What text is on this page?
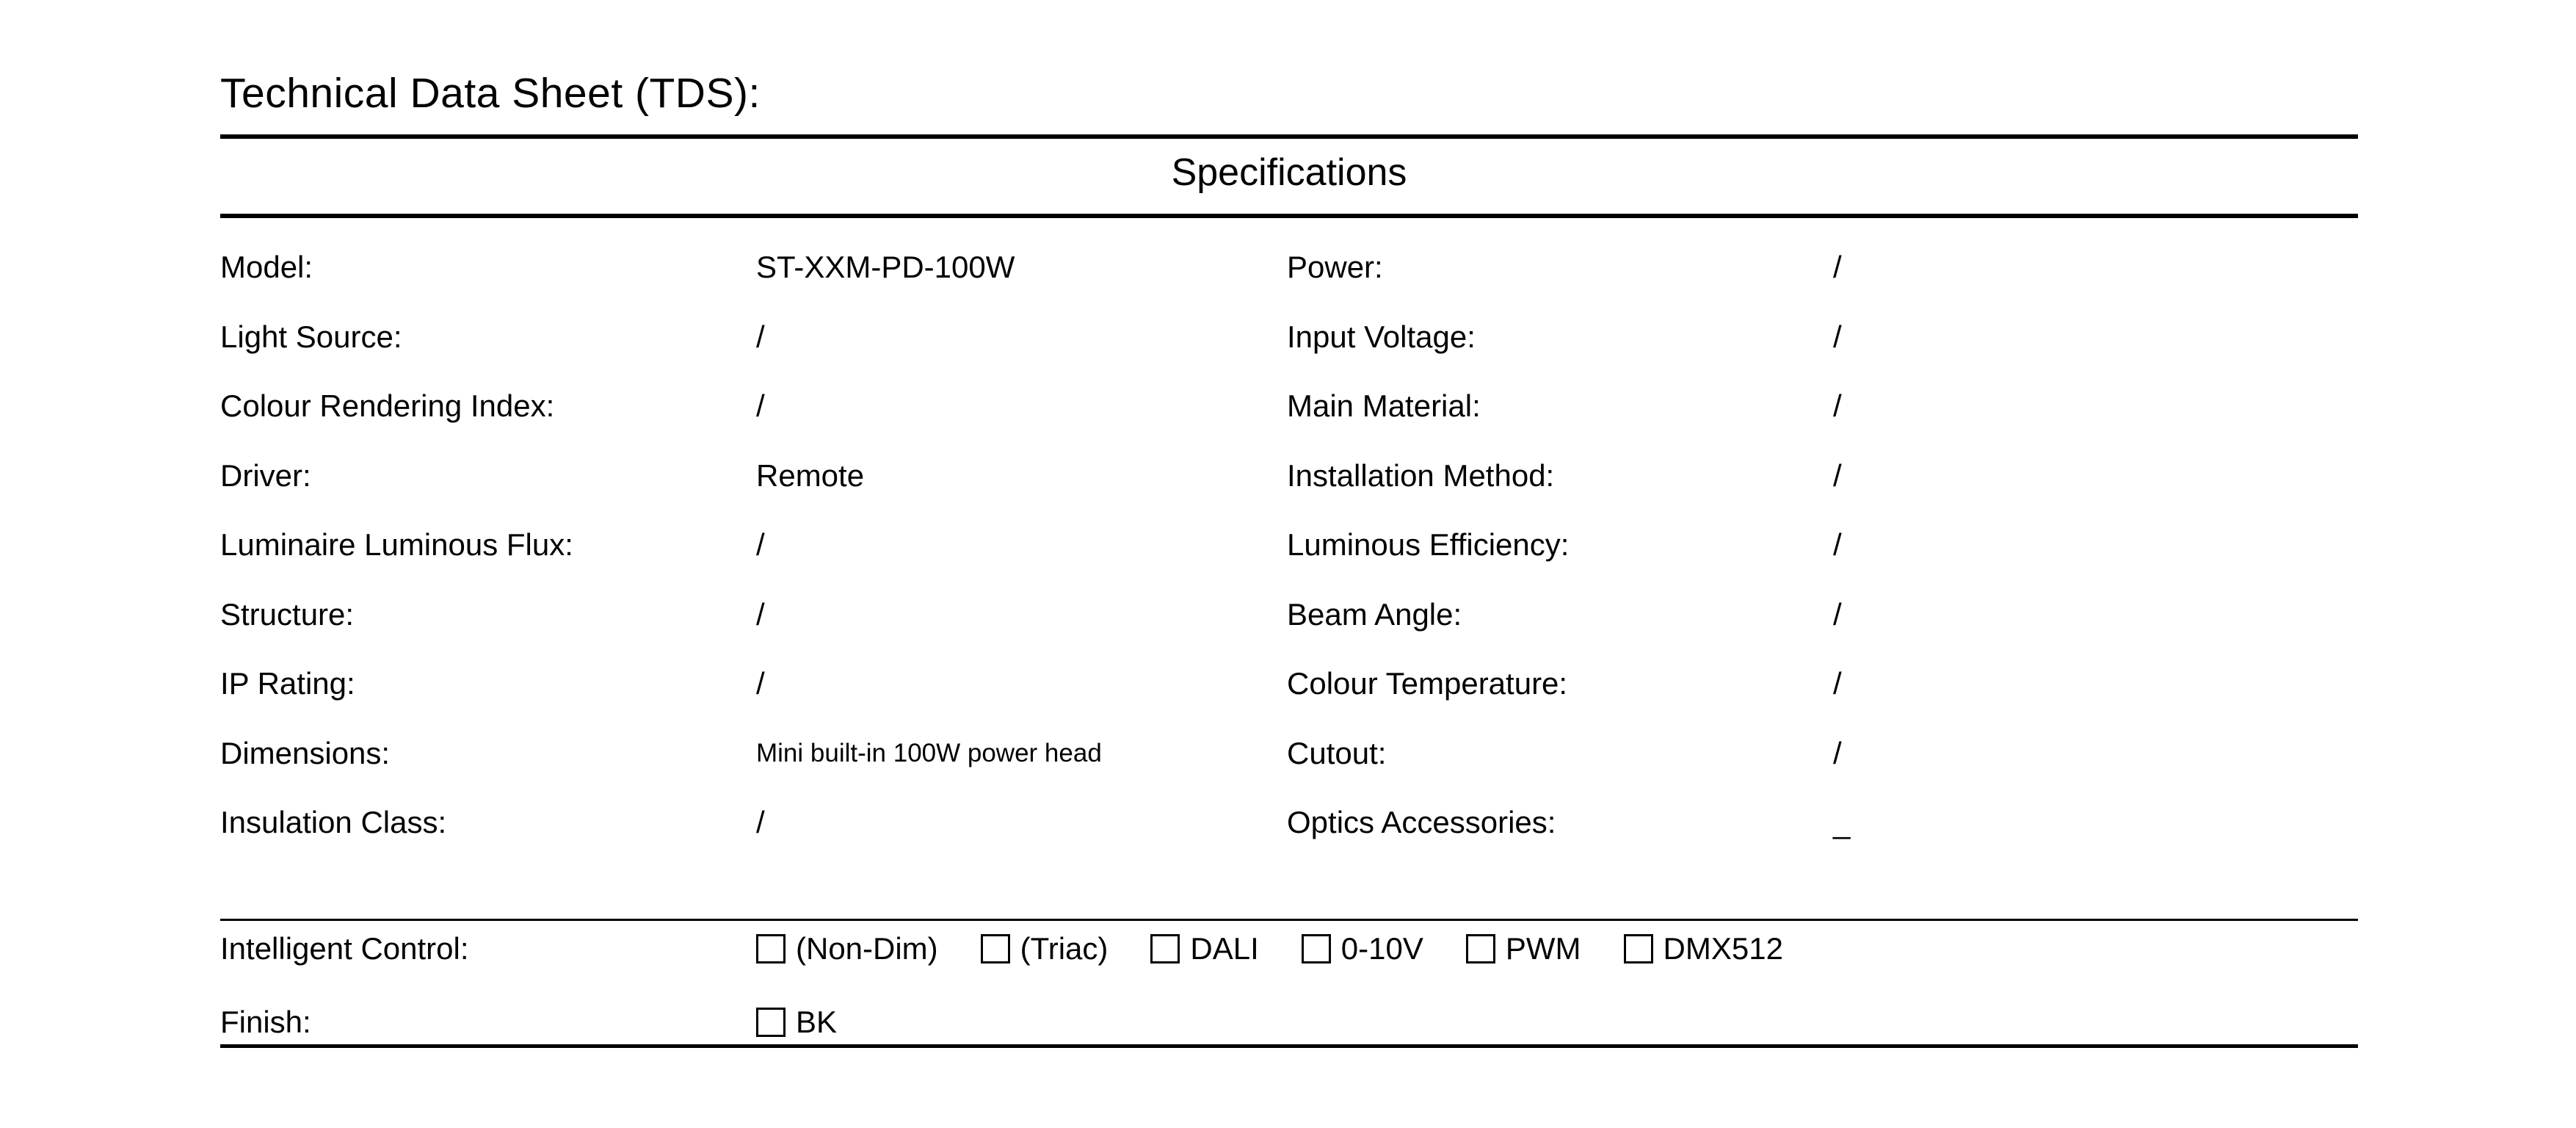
Technical Data Sheet (TDS):
Specifications
Model:	ST-XXM-PD-100W	Power:	/
Light Source:	/	Input Voltage:	/
Colour Rendering Index:	/	Main Material:	/
Driver:	Remote	Installation Method:	/
Luminaire Luminous Flux:	/	Luminous Efficiency:	/
Structure:	/	Beam Angle:	/
IP Rating:	/	Colour Temperature:	/
Dimensions:	Mini built-in 100W power head	Cutout:	/
Insulation Class:	/	Optics Accessories:	_
Intelligent Control:	(Non-Dim)	(Triac)	DALI	0-10V	PWM	DMX512
Finish:	BK
